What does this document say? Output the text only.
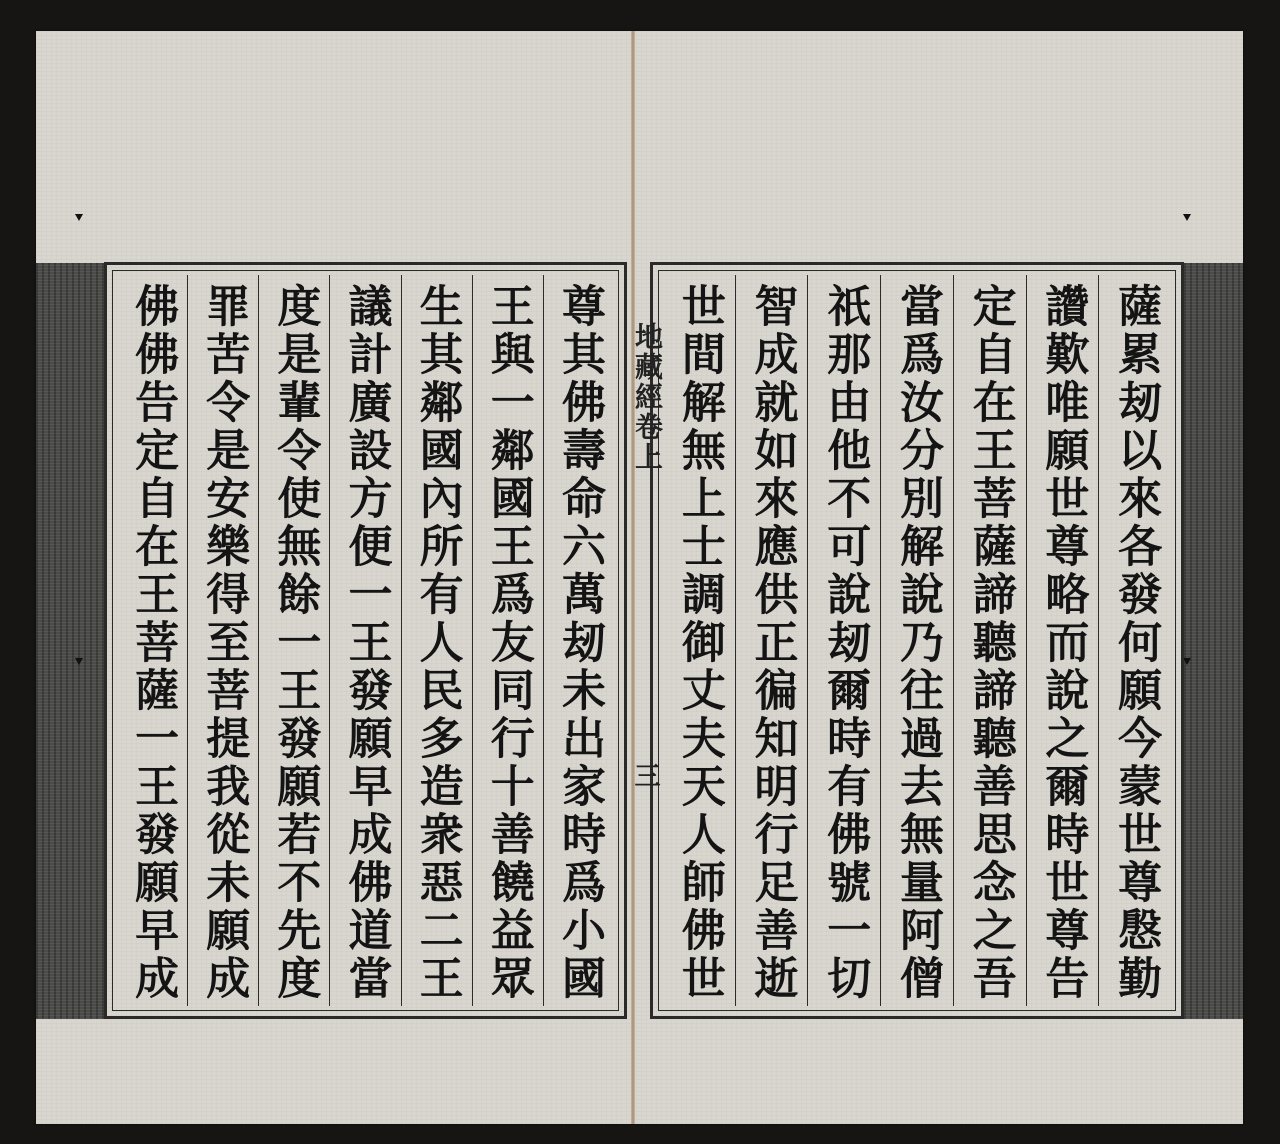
薩累刼以來各發何願今蒙世尊慇勤
讚歎唯願世尊略而說之爾時世尊告
定自在王菩薩諦聽諦聽善思念之吾
當爲汝分別解說乃往過去無量阿僧
祇那由他不可說刼爾時有佛號一切
智成就如來應供正徧知明行足善逝
世間解無上士調御丈夫天人師佛世
地藏經卷上
三
尊其佛壽命六萬刼未出家時爲小國
王與一鄰國王爲友同行十善饒益眾
生其鄰國內所有人民多造衆惡二王
議計廣設方便一王發願早成佛道當
度是輩令使無餘一王發願若不先度
罪苦令是安樂得至菩提我從未願成
佛佛告定自在王菩薩一王發願早成
